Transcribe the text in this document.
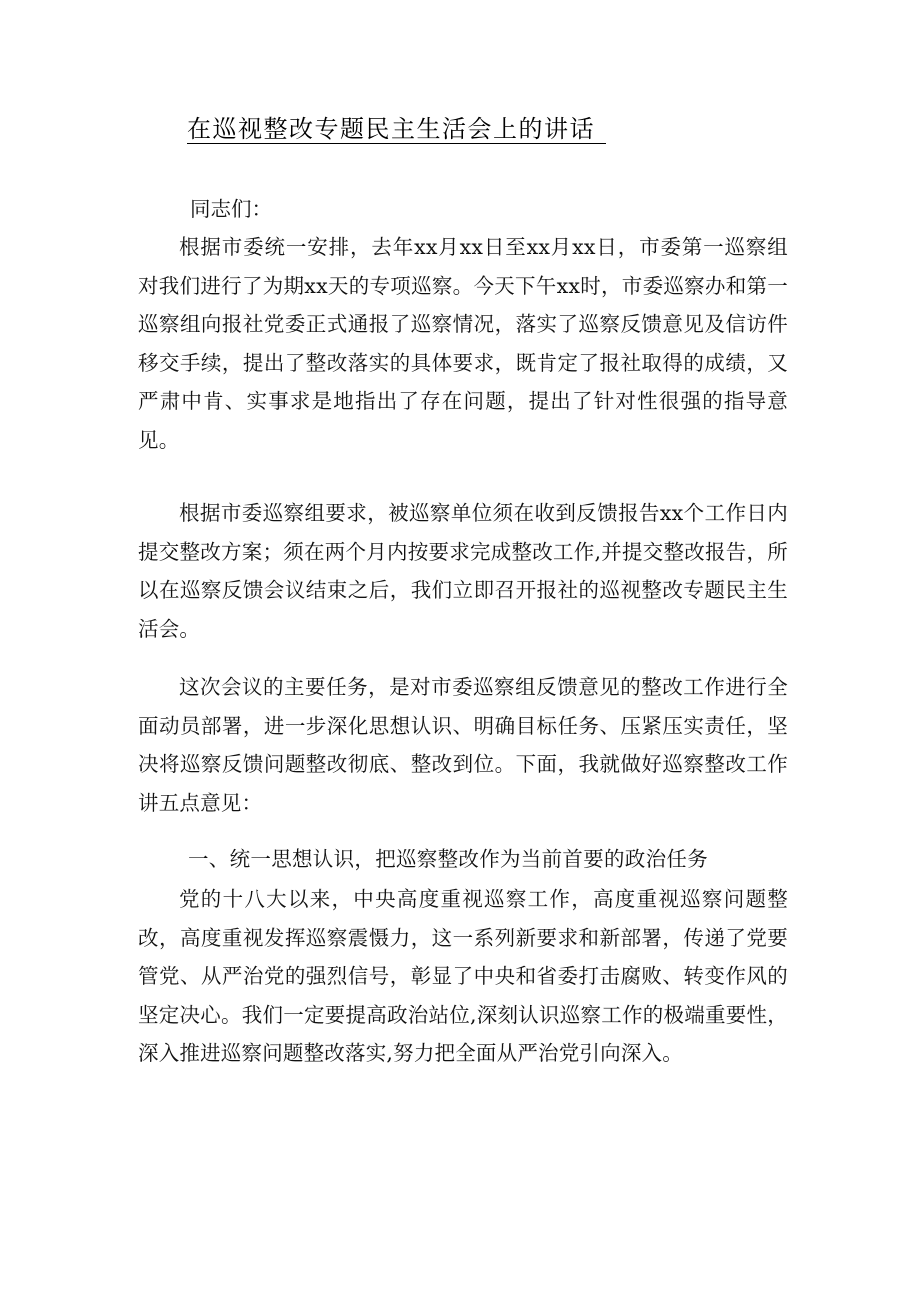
在巡视整改专题民主生活会上的讲话

同志们：

根据市委统一安排，去年xx月xx日至xx月xx日，市委第一巡察组对我们进行了为期xx天的专项巡察。今天下午xx时，市委巡察办和第一巡察组向报社党委正式通报了巡察情况，落实了巡察反馈意见及信访件移交手续，提出了整改落实的具体要求，既肯定了报社取得的成绩，又严肃中肯、实事求是地指出了存在问题，提出了针对性很强的指导意见。

根据市委巡察组要求，被巡察单位须在收到反馈报告xx个工作日内提交整改方案；须在两个月内按要求完成整改工作,并提交整改报告，所以在巡察反馈会议结束之后，我们立即召开报社的巡视整改专题民主生活会。

这次会议的主要任务，是对市委巡察组反馈意见的整改工作进行全面动员部署，进一步深化思想认识、明确目标任务、压紧压实责任，坚决将巡察反馈问题整改彻底、整改到位。下面，我就做好巡察整改工作讲五点意见：

一、统一思想认识，把巡察整改作为当前首要的政治任务

党的十八大以来，中央高度重视巡察工作，高度重视巡察问题整改，高度重视发挥巡察震慑力，这一系列新要求和新部署，传递了党要管党、从严治党的强烈信号，彰显了中央和省委打击腐败、转变作风的坚定决心。我们一定要提高政治站位,深刻认识巡察工作的极端重要性，深入推进巡察问题整改落实,努力把全面从严治党引向深入。
